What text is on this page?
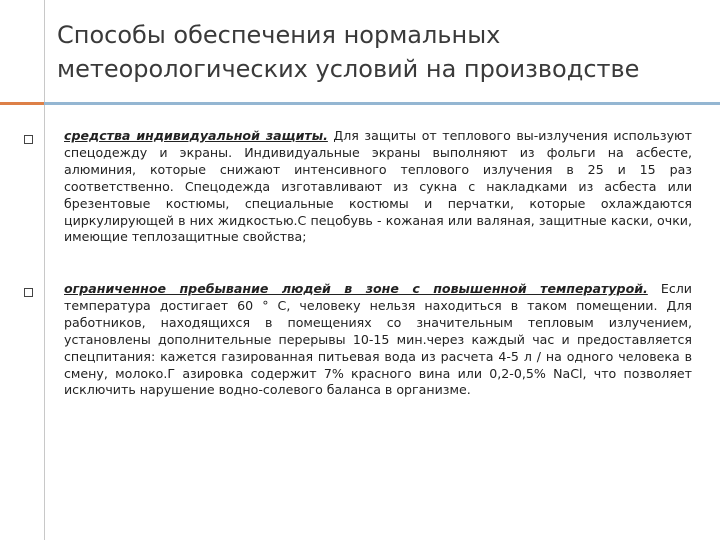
Способы обеспечения нормальных
метеорологических условий на производстве

средства индивидуальной защиты. Для защиты от теплового вы-излучения используют спецодежду и экраны. Индивидуальные экраны выполняют из фольги на асбесте, алюминия, которые снижают интенсивного теплового излучения в 25 и 15 раз соответственно. Спецодежда изготавливают из сукна с накладками из асбеста или брезентовые костюмы, специальные костюмы и перчатки, которые охлаждаются циркулирующей в них жидкостью.С пецобувь - кожаная или валяная, защитные каски, очки, имеющие теплозащитные свойства;

ограниченное пребывание людей в зоне с повышенной температурой. Если температура достигает 60 ° С, человеку нельзя находиться в таком помещении. Для работников, находящихся в помещениях со значительным тепловым излучением, установлены дополнительные перерывы 10-15 мин.через каждый час и предоставляется спецпитания: кажется газированная питьевая вода из расчета 4-5 л / на одного человека в смену, молоко.Г азировка содержит 7% красного вина или 0,2-0,5% NaCl, что позволяет исключить нарушение водно-солевого баланса в организме.
